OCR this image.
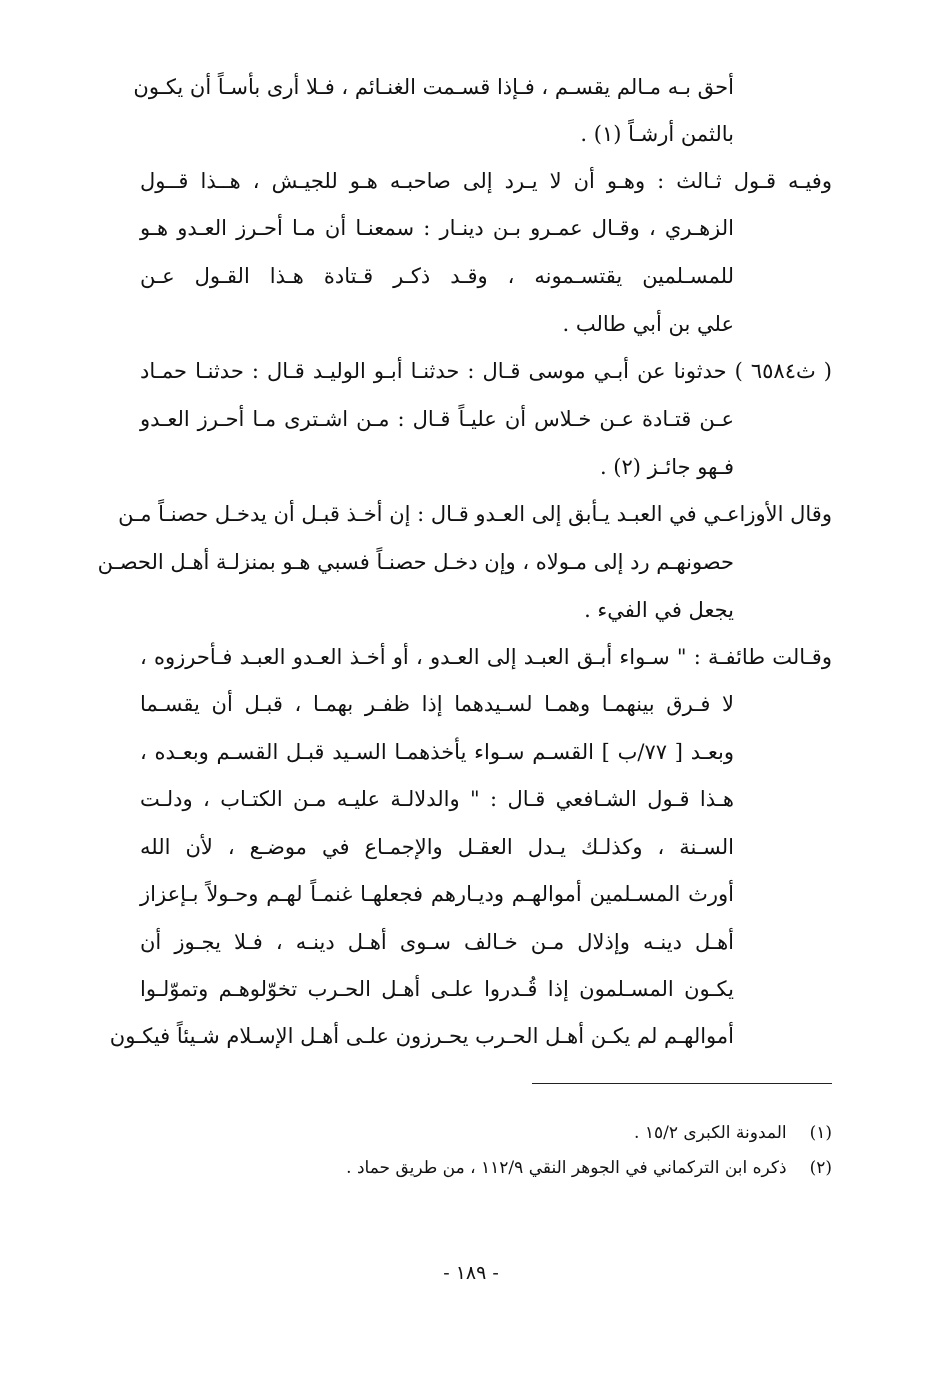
أحق بـه مـالم يقسـم ، فـإذا قسـمت الغنـائم ، فـلا أرى بأسـاً أن يكـون
بالثمن أرشـاً (١) .
وفيـه قـول ثـالث : وهـو أن لا يـرد إلى صاحبـه هـو للجيـش ، هــذا قــول
الزهـري ، وقـال عمـرو بـن دينـار : سمعنـا أن مـا أحـرز العـدو هـو
للمسـلمين يقتسـمونه ، وقـد ذكـر قـتادة هـذا القـول عـن
علي بن أبي طالب .
( ث٦٥٨٤ ) حدثونا عن أبـي موسى قـال : حدثنـا أبـو الوليـد قـال : حدثنـا حمـاد
عـن قتـادة عـن خـلاس أن عليـاً قـال : مـن اشـترى مـا أحـرز العـدو
فـهو جائـز (٢) .
وقال الأوزاعـي في العبـد يـأبق إلى العـدو قـال : إن أخـذ قبـل أن يدخـل حصنـاً مـن
حصونهـم رد إلى مـولاه ، وإن دخـل حصنـاً فسبي هـو بمنزلـة أهـل الحصـن
يجعل في الفيء .
وقـالت طائفـة : " سـواء أبـق العبـد إلى العـدو ، أو أخـذ العـدو العبـد فـأحرزوه ،
لا فـرق بينهمـا وهمـا لسـيدهما إذا ظفـر بهمـا ، قبـل أن يقسـما
وبعـد [ ٧٧/ب ] القسـم سـواء يأخذهمـا السـيد قبـل القسـم وبعـده ،
هـذا قـول الشـافعي قـال : " والدلالـة عليـه مـن الكتـاب ، ودلـت
السـنة ، وكذلـك يـدل العقـل والإجمـاع في موضـع ، لأن الله
أورث المسـلمين أموالهـم وديـارهم فجعلهـا غنمـاً لهـم وحـولاً بـإعزاز
أهـل دينـه وإذلال مـن خـالف سـوى أهـل دينـه ، فـلا يجـوز أن
يكـون المسـلمون إذا قُـدروا علـى أهـل الحـرب تخوّلوهـم وتموّلـوا
أموالهـم لم يكـن أهـل الحـرب يحـرزون علـى أهـل الإسـلام شـيئاً فيكـون
(١) المدونة الكبرى ١٥/٢ .
(٢) ذكره ابن التركماني في الجوهر النقي ١١٢/٩ ، من طريق حماد .
- ١٨٩ -
